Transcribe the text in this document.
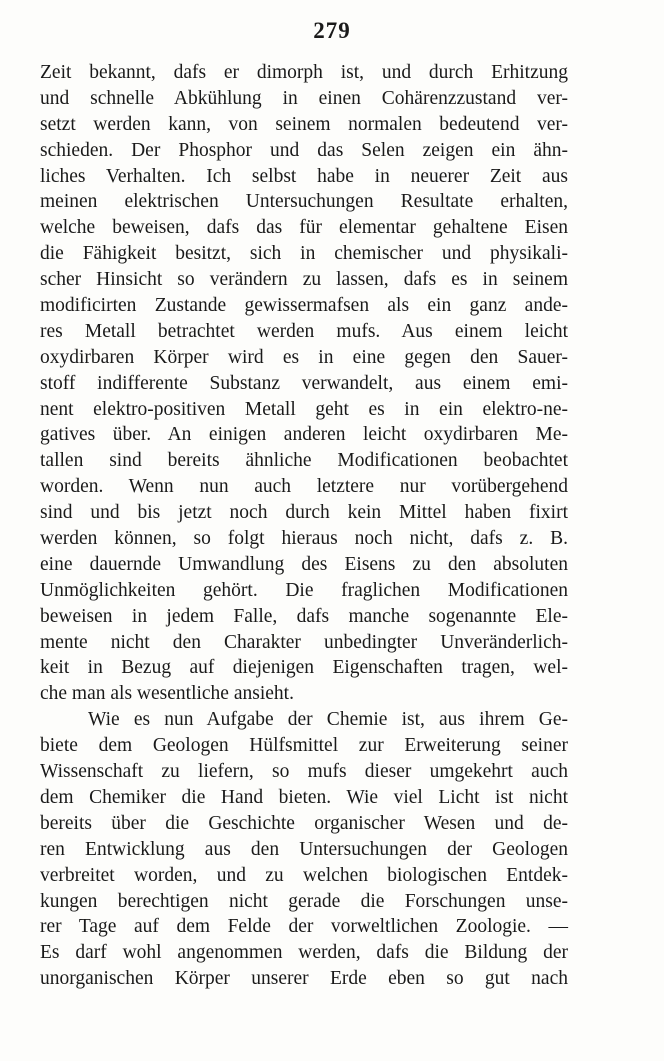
279
Zeit bekannt, dafs er dimorph ist, und durch Erhitzung
und schnelle Abkühlung in einen Cohärenzzustand ver-
setzt werden kann, von seinem normalen bedeutend ver-
schieden. Der Phosphor und das Selen zeigen ein ähn-
liches Verhalten. Ich selbst habe in neuerer Zeit aus
meinen elektrischen Untersuchungen Resultate erhalten,
welche beweisen, dafs das für elementar gehaltene Eisen
die Fähigkeit besitzt, sich in chemischer und physikali-
scher Hinsicht so verändern zu lassen, dafs es in seinem
modificirten Zustande gewissermafsen als ein ganz ande-
res Metall betrachtet werden mufs. Aus einem leicht
oxydirbaren Körper wird es in eine gegen den Sauer-
stoff indifferente Substanz verwandelt, aus einem emi-
nent elektro-positiven Metall geht es in ein elektro-ne-
gatives über. An einigen anderen leicht oxydirbaren Me-
tallen sind bereits ähnliche Modificationen beobachtet
worden. Wenn nun auch letztere nur vorübergehend
sind und bis jetzt noch durch kein Mittel haben fixirt
werden können, so folgt hieraus noch nicht, dafs z. B.
eine dauernde Umwandlung des Eisens zu den absoluten
Unmöglichkeiten gehört. Die fraglichen Modificationen
beweisen in jedem Falle, dafs manche sogenannte Ele-
mente nicht den Charakter unbedingter Unveränderlich-
keit in Bezug auf diejenigen Eigenschaften tragen, wel-
che man als wesentliche ansieht.
Wie es nun Aufgabe der Chemie ist, aus ihrem Ge-
biete dem Geologen Hülfsmittel zur Erweiterung seiner
Wissenschaft zu liefern, so mufs dieser umgekehrt auch
dem Chemiker die Hand bieten. Wie viel Licht ist nicht
bereits über die Geschichte organischer Wesen und de-
ren Entwicklung aus den Untersuchungen der Geologen
verbreitet worden, und zu welchen biologischen Entdek-
kungen berechtigen nicht gerade die Forschungen unse-
rer Tage auf dem Felde der vorweltlichen Zoologie. —
Es darf wohl angenommen werden, dafs die Bildung der
unorganischen Körper unserer Erde eben so gut nach
